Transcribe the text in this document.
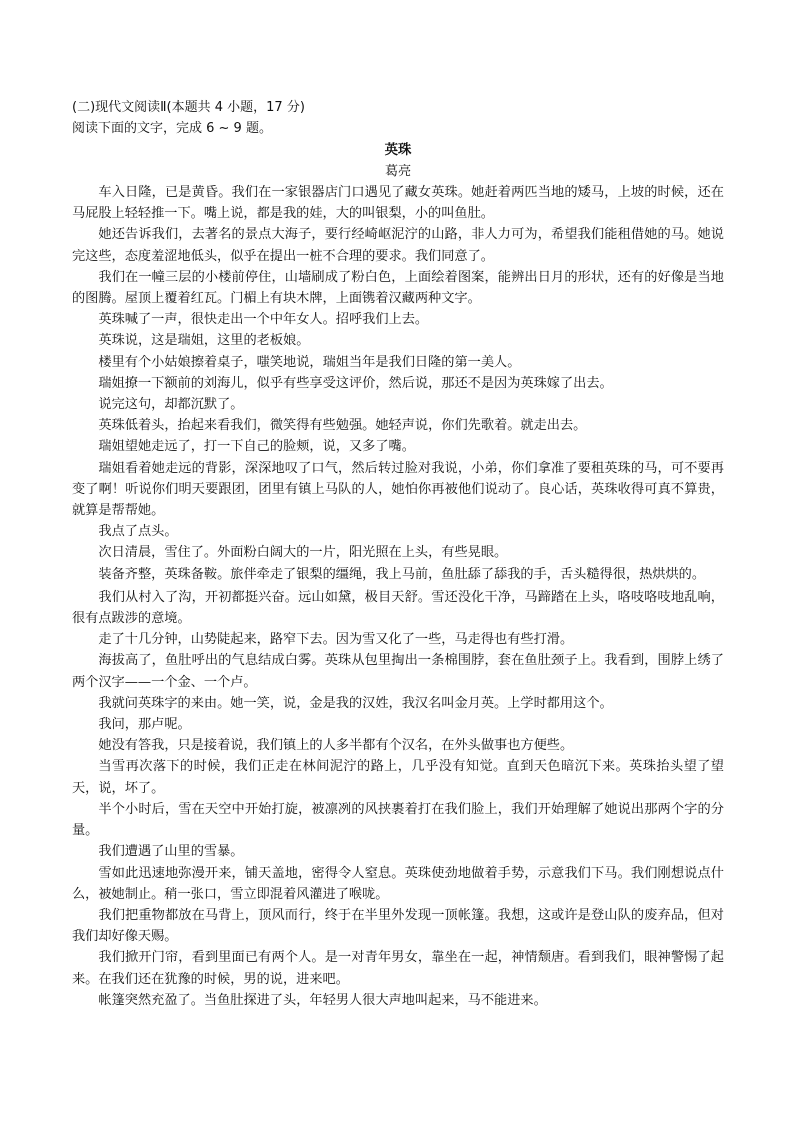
(二)现代文阅读Ⅱ(本题共 4 小题，17 分)

阅读下面的文字，完成 6 ~ 9 题。

英珠

葛亮

车入日隆，已是黄昏。我们在一家银器店门口遇见了藏女英珠。她赶着两匹当地的矮马，上坡的时候，还在马屁股上轻轻推一下。嘴上说，都是我的娃，大的叫银梨，小的叫鱼肚。

她还告诉我们，去著名的景点大海子，要行经崎岖泥泞的山路，非人力可为，希望我们能租借她的马。她说完这些，态度羞涩地低头，似乎在提出一桩不合理的要求。我们同意了。

我们在一幢三层的小楼前停住，山墙刷成了粉白色，上面绘着图案，能辨出日月的形状，还有的好像是当地的图腾。屋顶上覆着红瓦。门楣上有块木牌，上面镌着汉藏两种文字。

英珠喊了一声，很快走出一个中年女人。招呼我们上去。

英珠说，这是瑞姐，这里的老板娘。

楼里有个小姑娘擦着桌子，嗤笑地说，瑞姐当年是我们日隆的第一美人。

瑞姐撩一下额前的刘海儿，似乎有些享受这评价，然后说，那还不是因为英珠嫁了出去。

说完这句，却都沉默了。

英珠低着头，抬起来看我们，微笑得有些勉强。她轻声说，你们先歌着。就走出去。

瑞姐望她走远了，打一下自己的脸颊，说，又多了嘴。

瑞姐看着她走远的背影，深深地叹了口气，然后转过脸对我说，小弟，你们拿准了要租英珠的马，可不要再变了啊！听说你们明天要跟团，团里有镇上马队的人，她怕你再被他们说动了。良心话，英珠收得可真不算贵，就算是帮帮她。

我点了点头。

次日清晨，雪住了。外面粉白阔大的一片，阳光照在上头，有些晃眼。

装备齐整，英珠备鞍。旅伴牵走了银梨的缰绳，我上马前，鱼肚舔了舔我的手，舌头糙得很，热烘烘的。

我们从村入了沟，开初都挺兴奋。远山如黛，极目天舒。雪还没化干净，马蹄踏在上头，咯吱咯吱地乱响，很有点跋涉的意境。

走了十几分钟，山势陡起来，路窄下去。因为雪又化了一些，马走得也有些打滑。

海拔高了，鱼肚呼出的气息结成白雾。英珠从包里掏出一条棉围脖，套在鱼肚颈子上。我看到，围脖上绣了两个汉字——一个金、一个卢。

我就问英珠字的来由。她一笑，说，金是我的汉姓，我汉名叫金月英。上学时都用这个。

我问，那卢呢。

她没有答我，只是接着说，我们镇上的人多半都有个汉名，在外头做事也方便些。

当雪再次落下的时候，我们正走在林间泥泞的路上，几乎没有知觉。直到天色暗沉下来。英珠抬头望了望天，说，坏了。

半个小时后，雪在天空中开始打旋，被凛冽的风挟裹着打在我们脸上，我们开始理解了她说出那两个字的分量。

我们遭遇了山里的雪暴。

雪如此迅速地弥漫开来，铺天盖地，密得令人窒息。英珠使劲地做着手势，示意我们下马。我们刚想说点什么，被她制止。稍一张口，雪立即混着风灌进了喉咙。

我们把重物都放在马背上，顶风而行，终于在半里外发现一顶帐篷。我想，这或许是登山队的废弃品，但对我们却好像天赐。

我们掀开门帘，看到里面已有两个人。是一对青年男女，靠坐在一起，神情颓唐。看到我们，眼神警惕了起来。在我们还在犹豫的时候，男的说，进来吧。

帐篷突然充盈了。当鱼肚探进了头，年轻男人很大声地叫起来，马不能进来。
